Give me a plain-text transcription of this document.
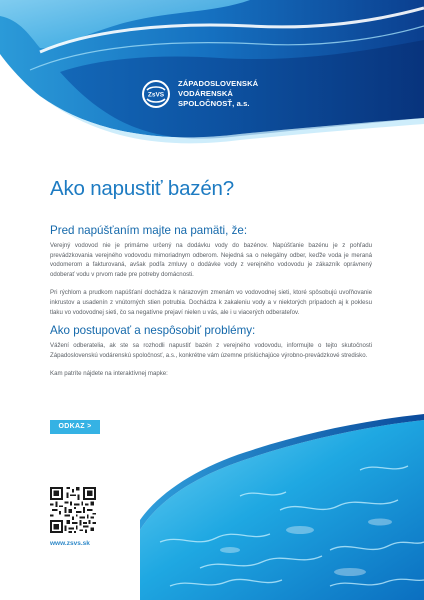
ZsVS
ZÁPADOSLOVENSKÁ
VODÁRENSKÁ
SPOLOČNOSŤ, a.s.
Ako napustiť bazén?
Pred napúšťaním majte na pamäti, že:

Verejný vodovod nie je primárne určený na dodávku vody do bazénov. Napúšťanie bazénu je z pohľadu prevádzkovania verejného vodovodu mimoriadnym odberom. Nejedná sa o nelegálny odber, keďže voda je meraná vodomerom a fakturovaná, avšak podľa zmluvy o dodávke vody z verejného vodovodu je zákazník oprávnený odoberať vodu v prvom rade pre potreby domácnosti.

Pri rýchlom a prudkom napúšťaní dochádza k nárazovým zmenám vo vodovodnej sieti, ktoré spôsobujú uvoľňovanie inkrustov a usadenín z vnútorných stien potrubia. Dochádza k zakaleniu vody a v niektorých prípadoch aj k poklesu tlaku vo vodovodnej sieti, čo sa negatívne prejaví nielen u vás, ale i u viacerých odberateľov.

Ako postupovať a nespôsobiť problémy:

Vážení odberatelia, ak ste sa rozhodli napustiť bazén z verejného vodovodu, informujte o tejto skutočnosti Západoslovenskú vodárenskú spoločnosť, a.s., konkrétne vám územne prislúchajúce výrobno-prevádzkové stredisko.

Kam patríte nájdete na interaktívnej mapke:

ODKAZ >

www.zsvs.sk
